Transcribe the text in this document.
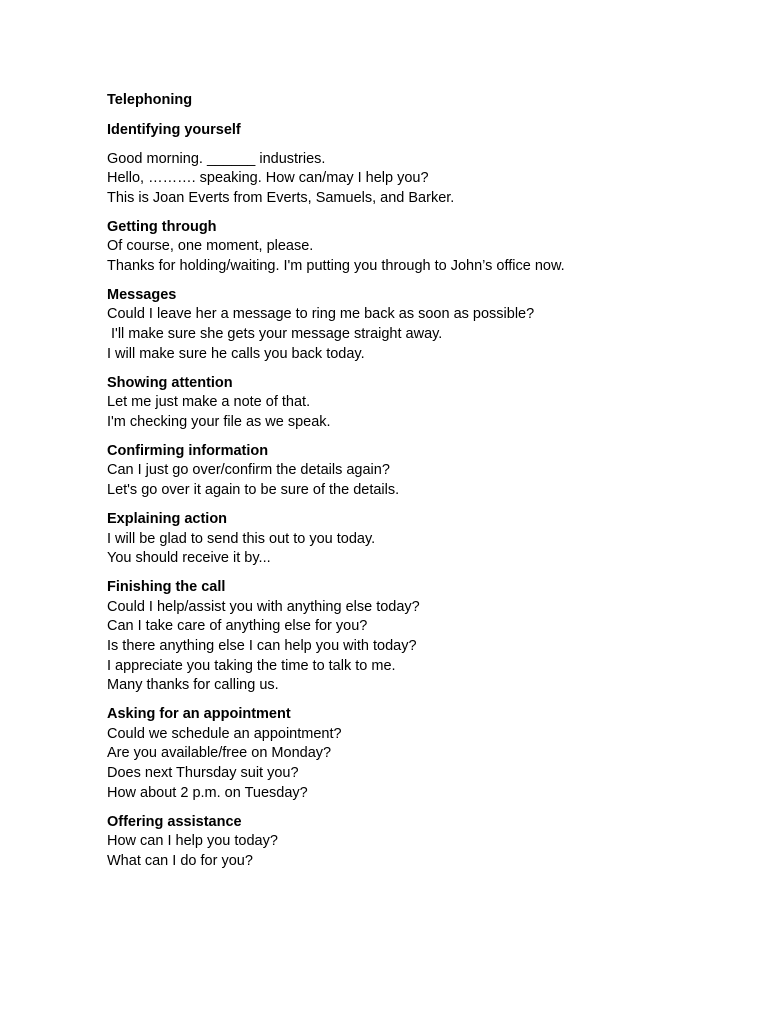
Telephoning
Identifying yourself
Good morning. ______ industries.
Hello, ………. speaking. How can/may I help you?
This is Joan Everts from Everts, Samuels, and Barker.
Getting through
Of course, one moment, please.
Thanks for holding/waiting. I'm putting you through to John’s office now.
Messages
Could I leave her a message to ring me back as soon as possible?
I'll make sure she gets your message straight away.
I will make sure he calls you back today.
Showing attention
Let me just make a note of that.
I'm checking your file as we speak.
Confirming information
Can I just go over/confirm the details again?
Let's go over it again to be sure of the details.
Explaining action
I will be glad to send this out to you today.
You should receive it by...
Finishing the call
Could I help/assist you with anything else today?
Can I take care of anything else for you?
Is there anything else I can help you with today?
I appreciate you taking the time to talk to me.
Many thanks for calling us.
Asking for an appointment
Could we schedule an appointment?
Are you available/free on Monday?
Does next Thursday suit you?
How about 2 p.m. on Tuesday?
Offering assistance
How can I help you today?
What can I do for you?
